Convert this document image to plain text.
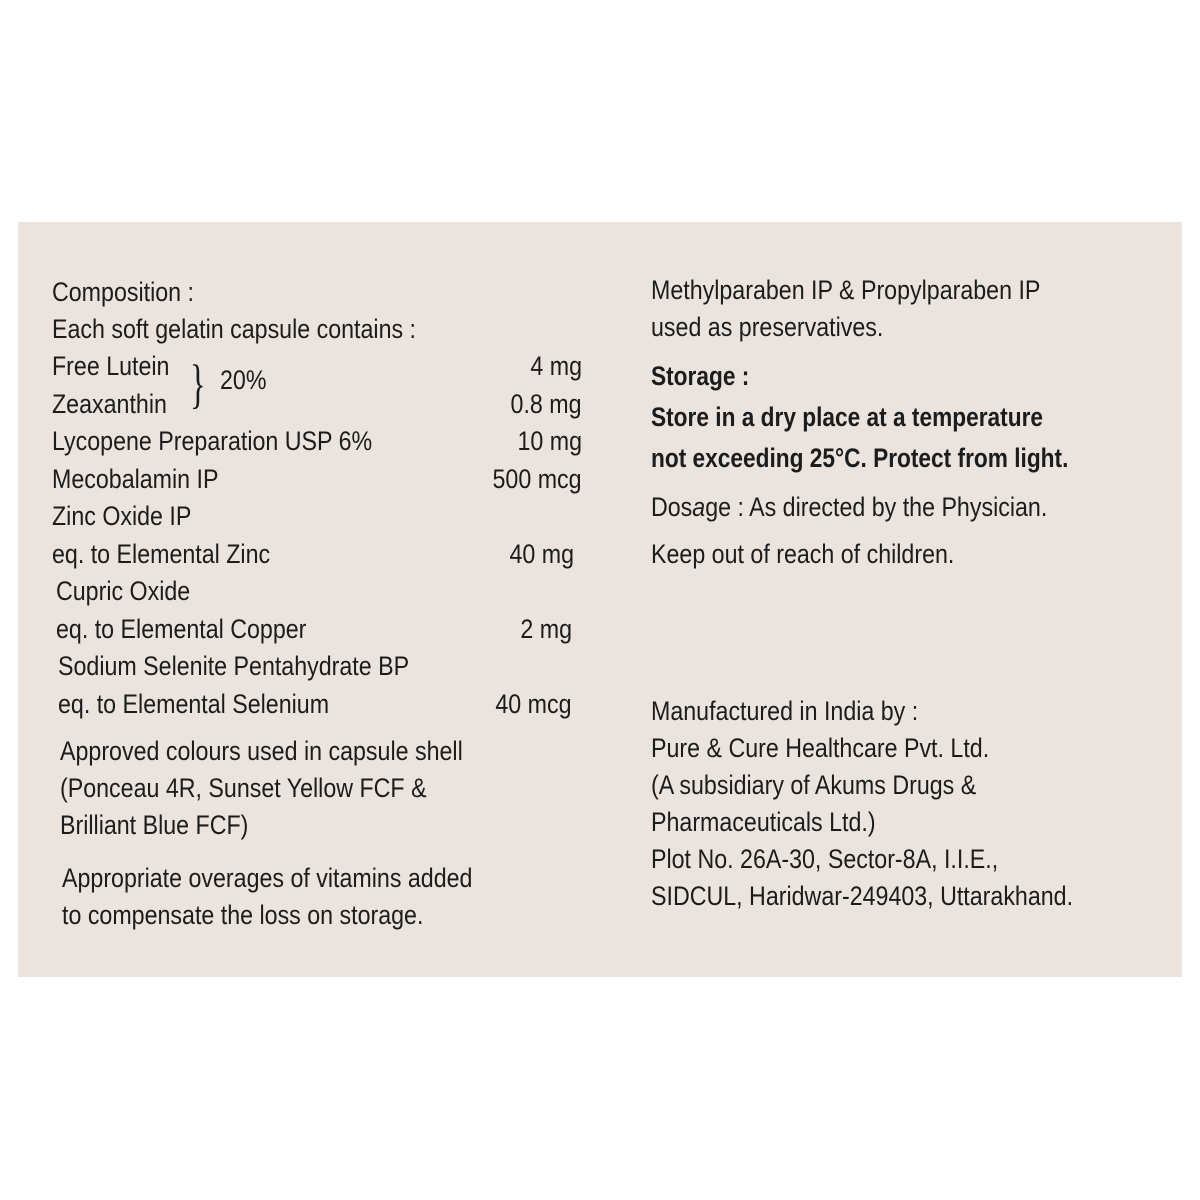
Composition :
Each soft gelatin capsule contains :
Free Lutein	4 mg
Zeaxanthin	0.8 mg
} 20%
Lycopene Preparation USP 6%	10 mg
Mecobalamin IP	500 mcg
Zinc Oxide IP
eq. to Elemental Zinc	40 mg
Cupric Oxide
eq. to Elemental Copper	2 mg
Sodium Selenite Pentahydrate BP
eq. to Elemental Selenium	40 mcg
Approved colours used in capsule shell
(Ponceau 4R, Sunset Yellow FCF &
Brilliant Blue FCF)
Appropriate overages of vitamins added
to compensate the loss on storage.
Methylparaben IP & Propylparaben IP
used as preservatives.
Storage :
Store in a dry place at a temperature
not exceeding 25°C. Protect from light.
Dosage : As directed by the Physician.
Keep out of reach of children.
Manufactured in India by :
Pure & Cure Healthcare Pvt. Ltd.
(A subsidiary of Akums Drugs &
Pharmaceuticals Ltd.)
Plot No. 26A-30, Sector-8A, I.I.E.,
SIDCUL, Haridwar-249403, Uttarakhand.
